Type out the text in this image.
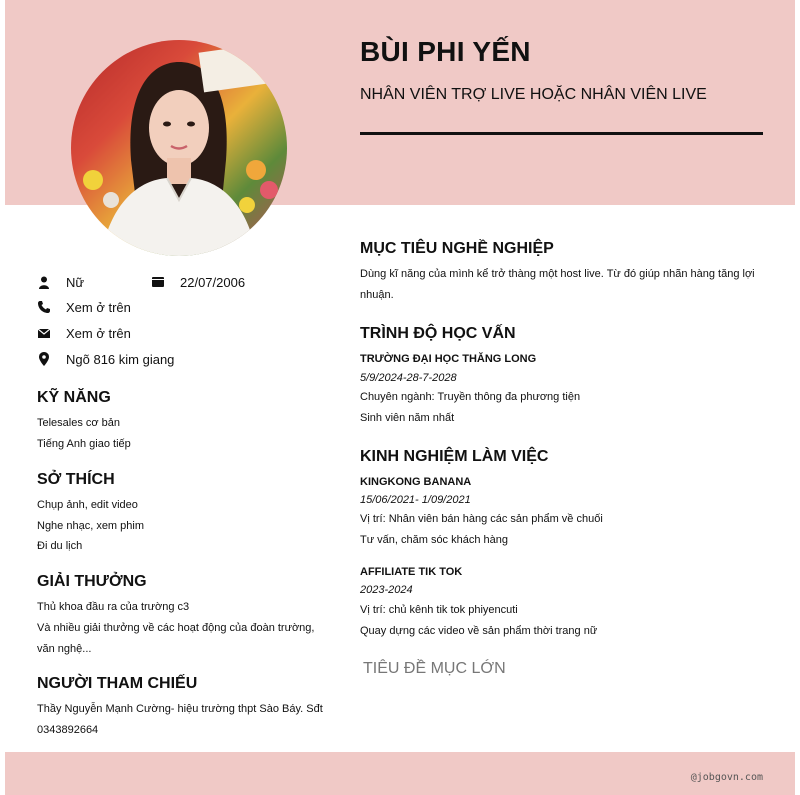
BÙI PHI YẾN
NHÂN VIÊN TRỢ LIVE HOẶC NHÂN VIÊN LIVE
Nữ	22/07/2006
Xem ở trên
Xem ở trên
Ngõ 816 kim giang
KỸ NĂNG
Telesales cơ bản
Tiếng Anh giao tiếp
SỞ THÍCH
Chụp ảnh, edit video
Nghe nhạc, xem phim
Đi du lịch
GIẢI THƯỞNG
Thủ khoa đầu ra của trường c3
Và nhiều giải thưởng về các hoạt động của đoàn trường,
văn nghệ...
NGƯỜI THAM CHIẾU
Thầy Nguyễn Mạnh Cường- hiệu trường thpt Sào Báy. Sđt
0343892664
MỤC TIÊU NGHỀ NGHIỆP
Dùng kĩ năng của mình kể trở thàng một host live. Từ đó giúp nhãn hàng tăng lợi
nhuận.
TRÌNH ĐỘ HỌC VẤN
TRƯỜNG ĐẠI HỌC THĂNG LONG
5/9/2024-28-7-2028
Chuyên ngành: Truyền thông đa phương tiện
Sinh viên năm nhất
KINH NGHIỆM LÀM VIỆC
KINGKONG BANANA
15/06/2021- 1/09/2021
Vị trí: Nhân viên bán hàng các sản phẩm về chuối
Tư vấn, chăm sóc khách hàng
AFFILIATE TIK TOK
2023-2024
Vị trí: chủ kênh tik tok phiyencuti
Quay dựng các video về sản phẩm thời trang nữ
TIÊU ĐỀ MỤC LỚN
@jobgovn.com
